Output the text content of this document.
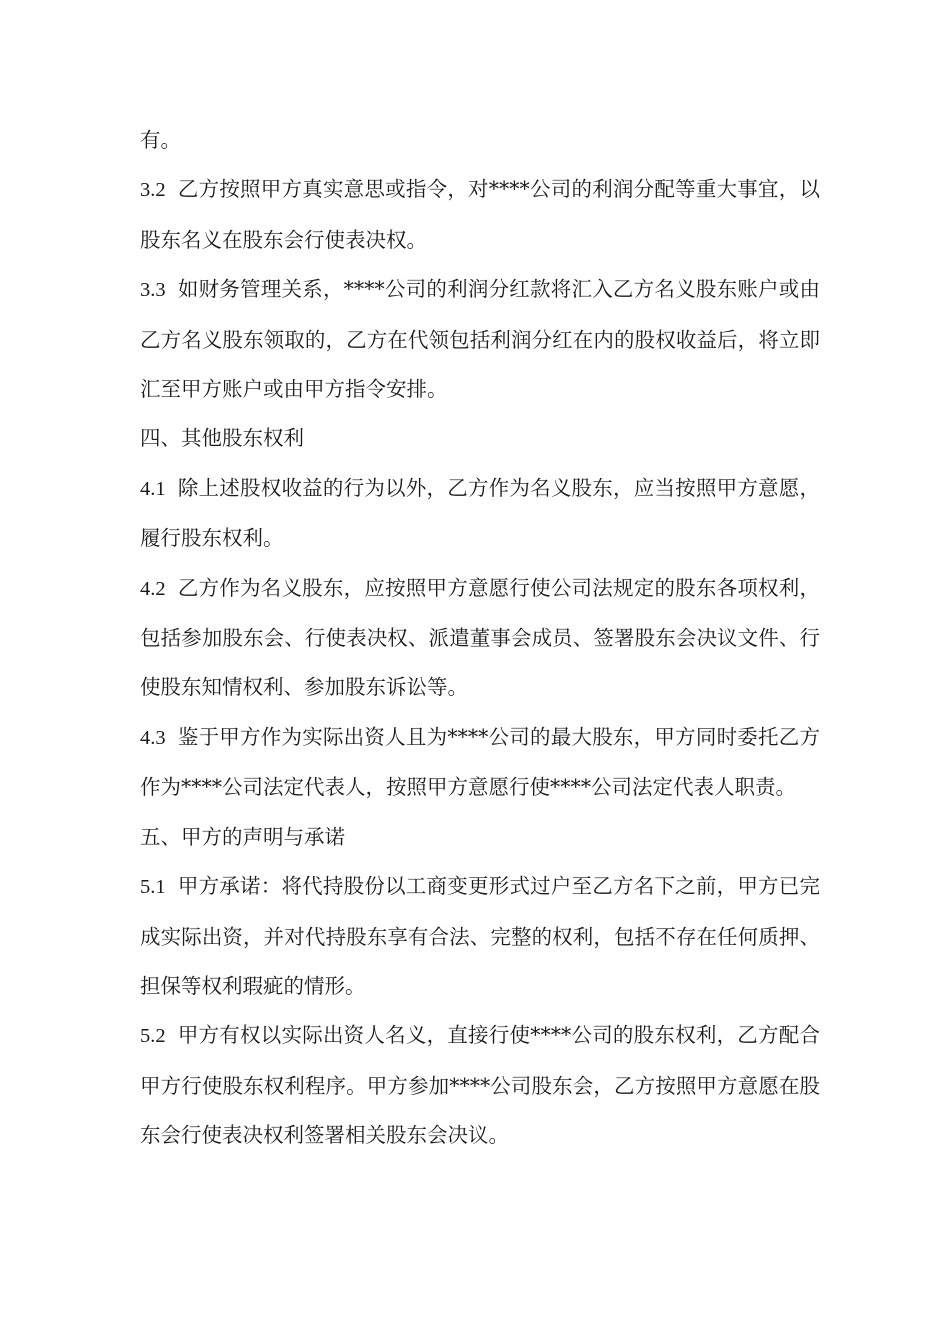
有。

3.2 乙方按照甲方真实意思或指令，对****公司的利润分配等重大事宜，以股东名义在股东会行使表决权。

3.3 如财务管理关系，****公司的利润分红款将汇入乙方名义股东账户或由乙方名义股东领取的，乙方在代领包括利润分红在内的股权收益后，将立即汇至甲方账户或由甲方指令安排。

四、其他股东权利

4.1 除上述股权收益的行为以外，乙方作为名义股东，应当按照甲方意愿，履行股东权利。

4.2 乙方作为名义股东，应按照甲方意愿行使公司法规定的股东各项权利，包括参加股东会、行使表决权、派遣董事会成员、签署股东会决议文件、行使股东知情权利、参加股东诉讼等。

4.3 鉴于甲方作为实际出资人且为****公司的最大股东，甲方同时委托乙方作为****公司法定代表人，按照甲方意愿行使****公司法定代表人职责。

五、甲方的声明与承诺

5.1 甲方承诺：将代持股份以工商变更形式过户至乙方名下之前，甲方已完成实际出资，并对代持股东享有合法、完整的权利，包括不存在任何质押、担保等权利瑕疵的情形。

5.2 甲方有权以实际出资人名义，直接行使****公司的股东权利，乙方配合甲方行使股东权利程序。甲方参加****公司股东会，乙方按照甲方意愿在股东会行使表决权利签署相关股东会决议。
